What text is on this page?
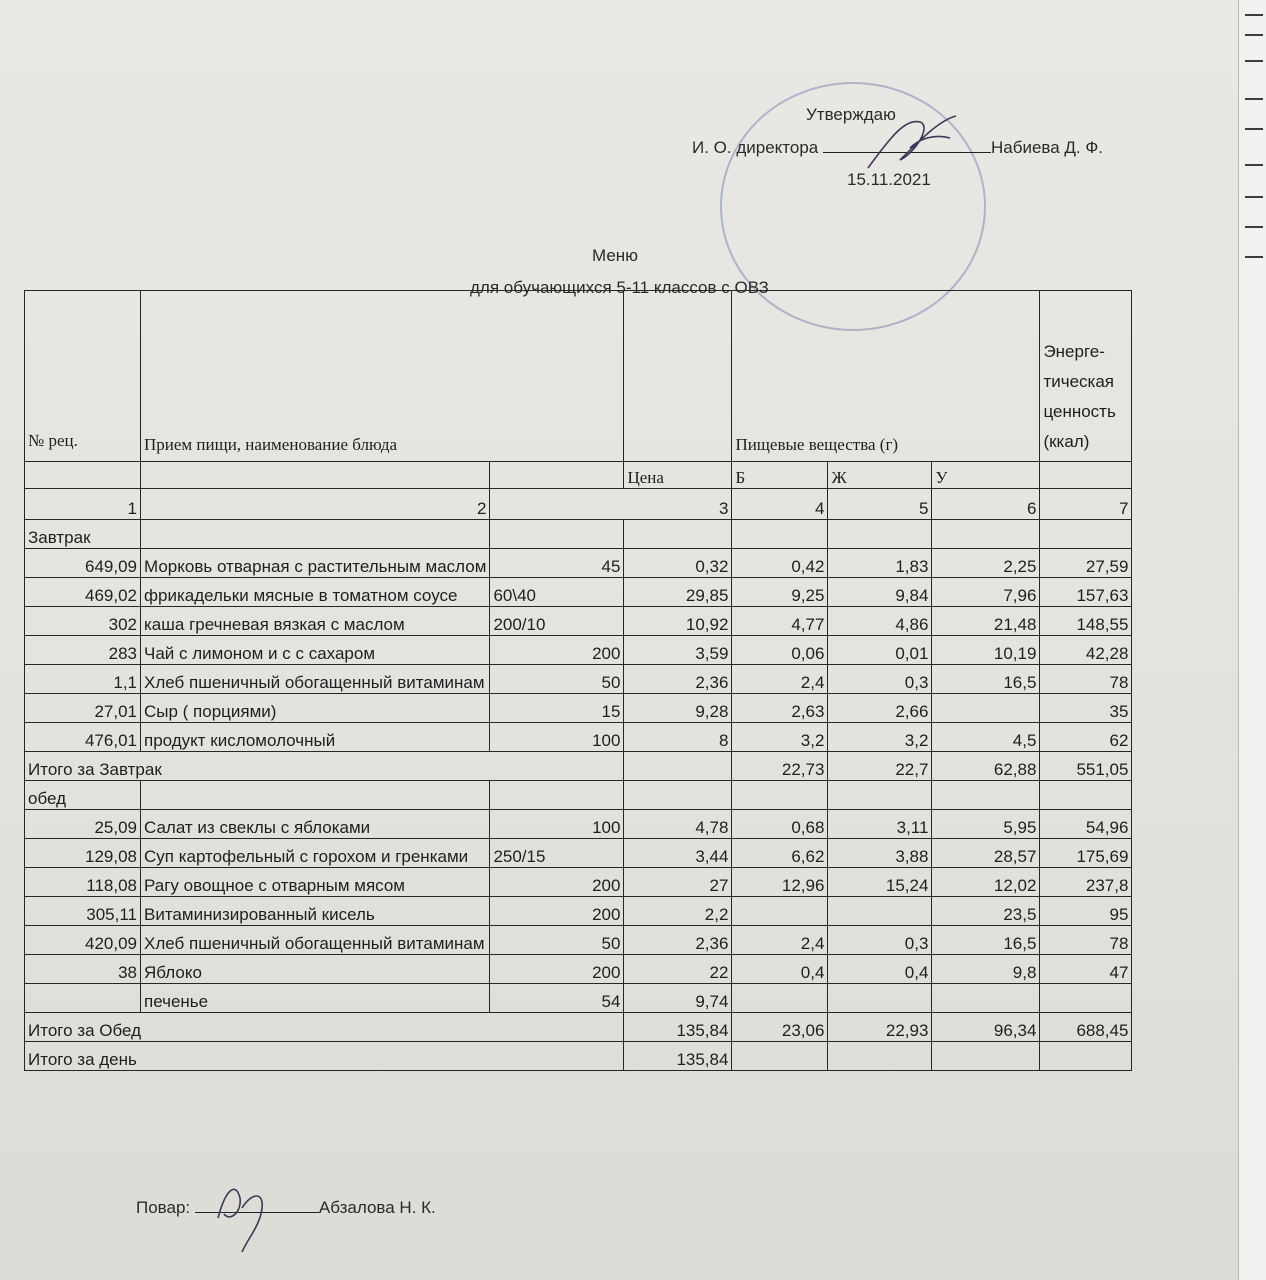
Утверждаю
И. О. директора	Набиева Д. Ф.
15.11.2021
Меню
для обучающихся 5-11 классов с ОВЗ
№ рец.	Прием пищи, наименование блюда			Пищевые вещества (г)			Энерге-тическая ценность (ккал)
			Цена	Б	Ж	У	
1	2	3		4	5	6	7
Завтрак							
649,09	Морковь отварная с растительным маслом	45	0,32	0,42	1,83	2,25	27,59
469,02	фрикадельки мясные в томатном соусе	60\40	29,85	9,25	9,84	7,96	157,63
302	каша гречневая вязкая с маслом	200/10	10,92	4,77	4,86	21,48	148,55
283	Чай с лимоном и с с сахаром	200	3,59	0,06	0,01	10,19	42,28
1,1	Хлеб пшеничный обогащенный витаминам	50	2,36	2,4	0,3	16,5	78
27,01	Сыр ( порциями)	15	9,28	2,63	2,66		35
476,01	продукт кисломолочный	100	8	3,2	3,2	4,5	62
Итого за Завтрак				22,73	22,7	62,88	551,05
обед							
25,09	Салат из свеклы с яблоками	100	4,78	0,68	3,11	5,95	54,96
129,08	Суп картофельный с горохом и гренками	250/15	3,44	6,62	3,88	28,57	175,69
118,08	Рагу овощное с отварным мясом	200	27	12,96	15,24	12,02	237,8
305,11	Витаминизированный кисель	200	2,2			23,5	95
420,09	Хлеб пшеничный обогащенный витаминам	50	2,36	2,4	0,3	16,5	78
38	Яблоко	200	22	0,4	0,4	9,8	47
	печенье	54	9,74				
Итого за Обед			135,84	23,06	22,93	96,34	688,45
Итого за день			135,84				
Повар:	Абзалова Н. К.
